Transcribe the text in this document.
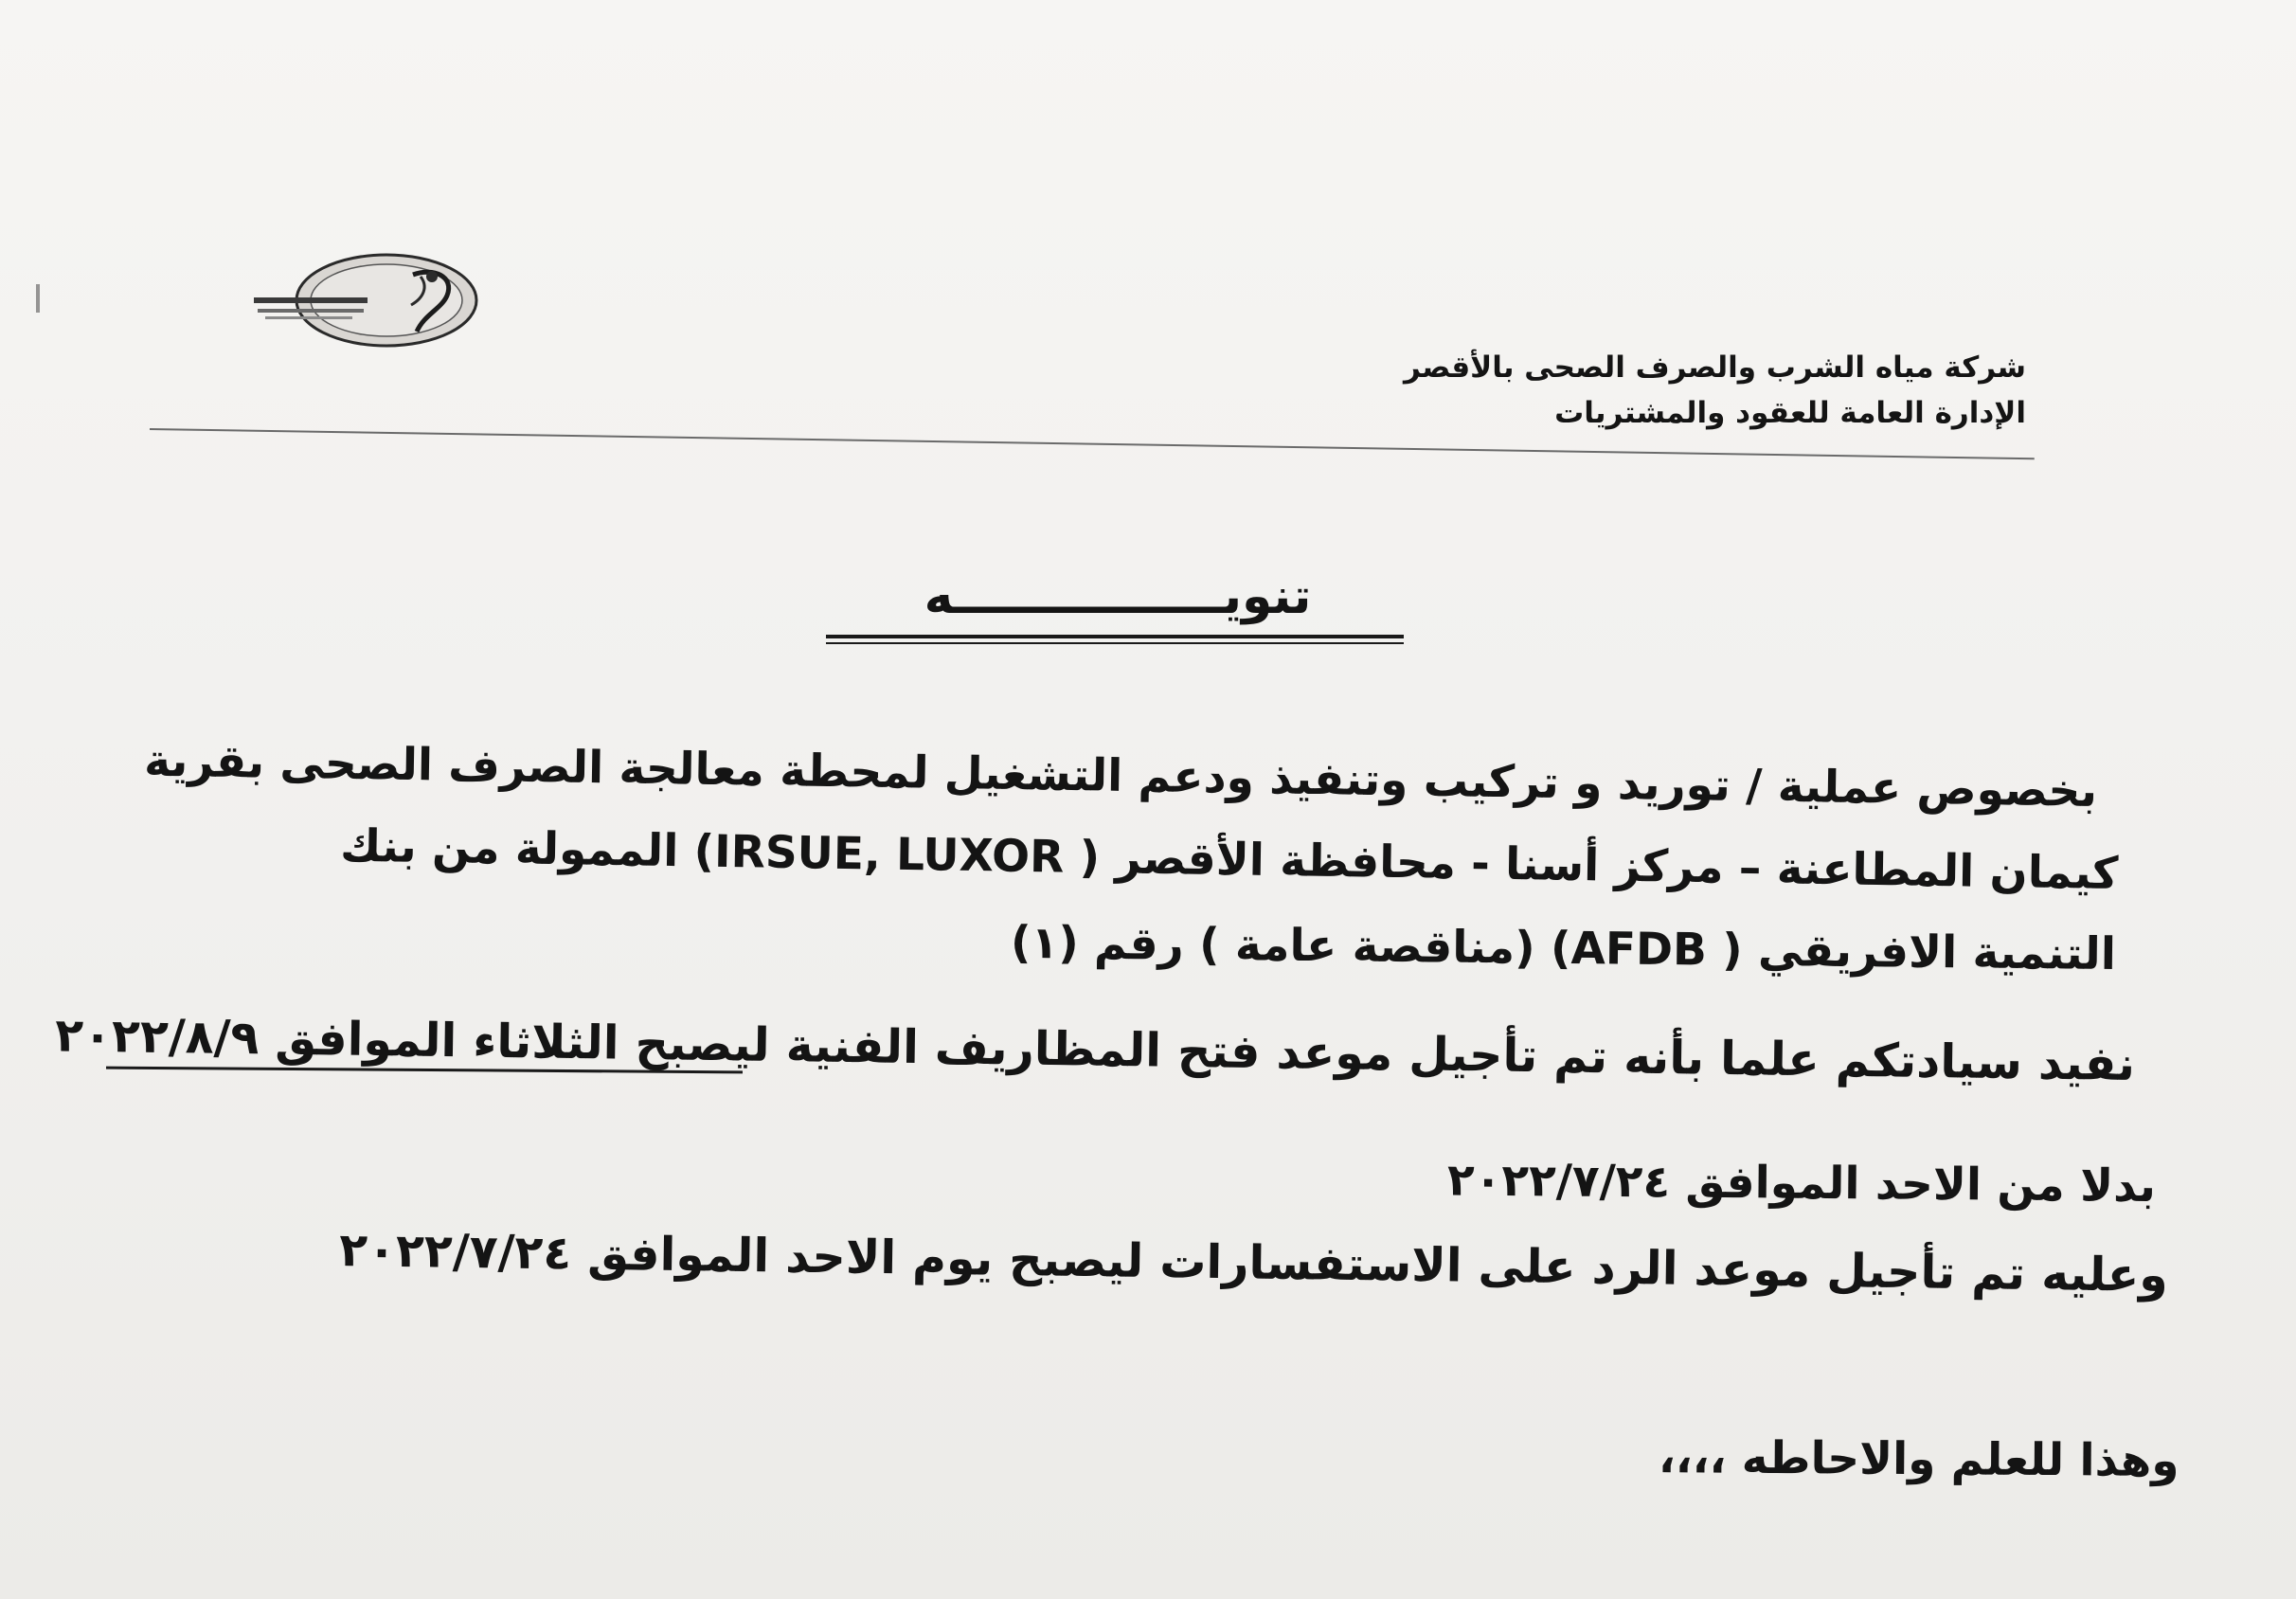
شركة مياه الشرب والصرف الصحى بالأقصر
الإدارة العامة للعقود والمشتريات
تنويــــــــــــــــه
بخصوص عملية / توريد و تركيب وتنفيذ ودعم التشغيل لمحطة معالجة الصرف الصحى بقرية
كيمان المطاعنة – مركز أسنا - محافظة الأقصر ( IRSUE, LUXOR) الممولة من بنك
التنمية الافريقي ( AFDB) (مناقصة عامة ) رقم (١)
نفيد سيادتكم علما بأنه تم تأجيل موعد فتح المظاريف الفنية ليصبح الثلاثاء الموافق ٢٠٢٢/٨/٩
بدلا من الاحد الموافق ٢٠٢٢/٧/٢٤
وعليه تم تأجيل موعد الرد على الاستفسارات ليصبح يوم الاحد الموافق ٢٠٢٢/٧/٢٤
وهذا للعلم والاحاطه ،،،،
